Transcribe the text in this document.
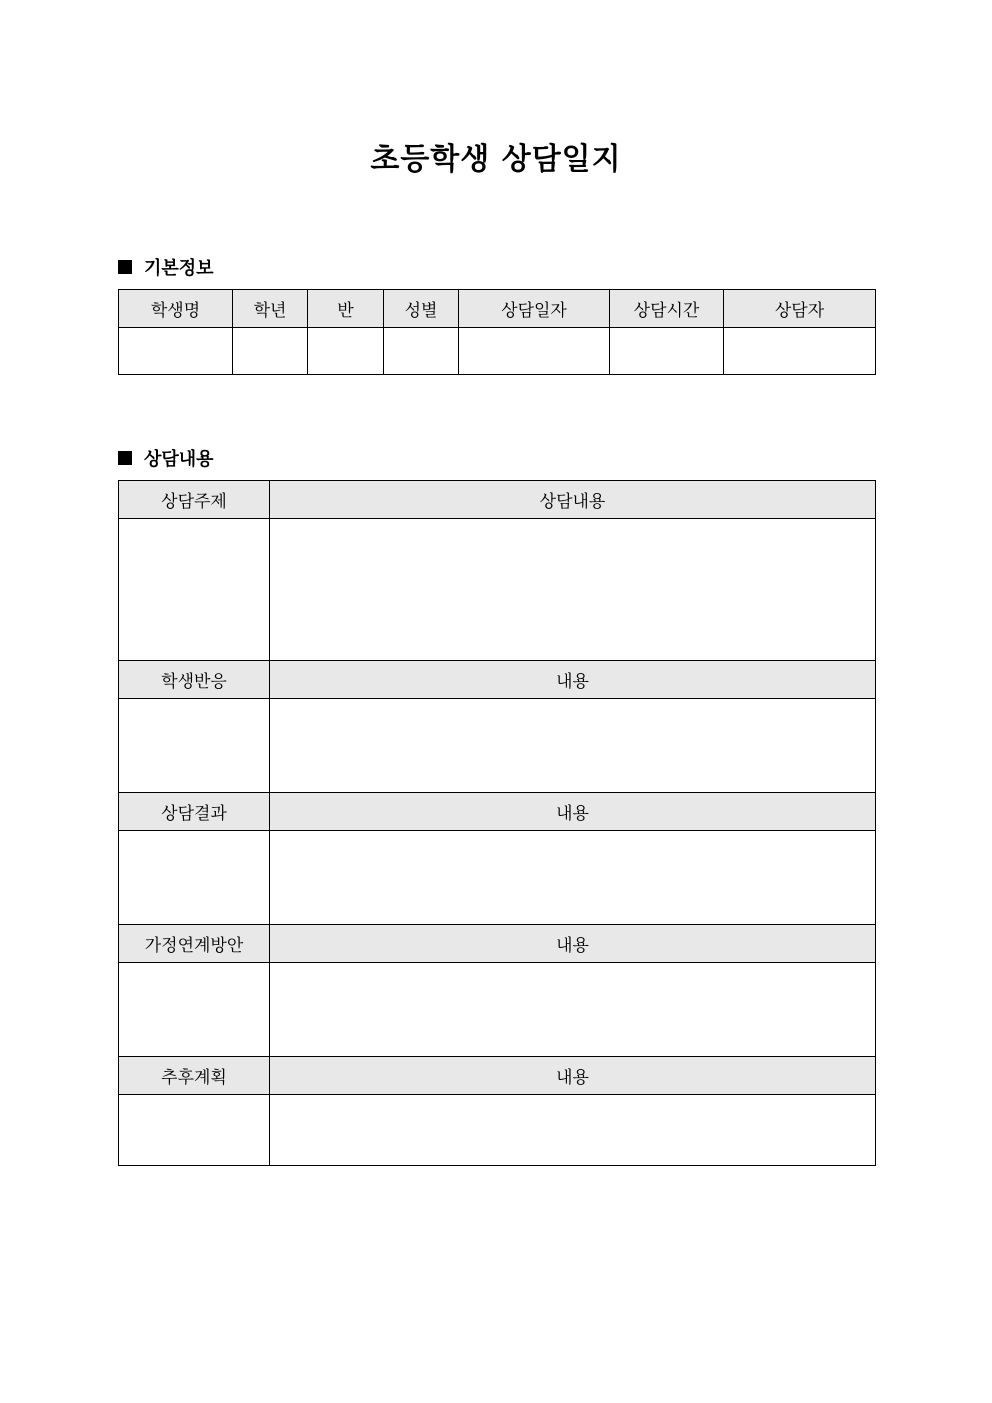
초등학생 상담일지
기본정보
학생명	학년	반	성별	상담일자	상담시간	상담자

상담내용
상담주제	상담내용

학생반응	내용

상담결과	내용

가정연계방안	내용

추후계획	내용
